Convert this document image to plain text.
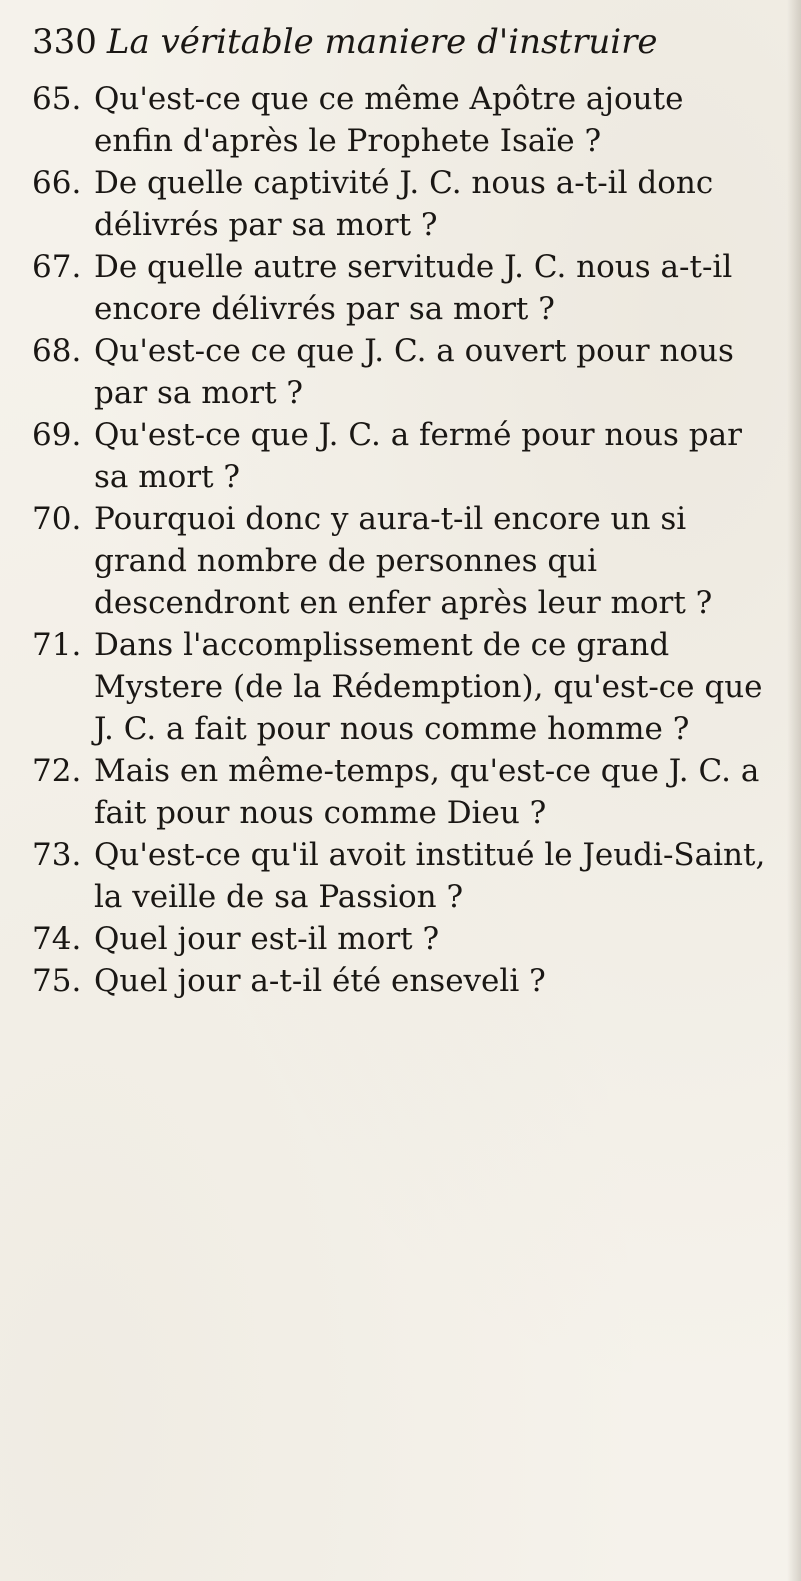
330 La véritable maniere d'instruire
65. Qu'est-ce que ce même Apôtre ajoute enfin d'après le Prophete Isaïe ?
66. De quelle captivité J. C. nous a-t-il donc délivrés par sa mort ?
67. De quelle autre servitude J. C. nous a-t-il encore délivrés par sa mort ?
68. Qu'est-ce ce que J. C. a ouvert pour nous par sa mort ?
69. Qu'est-ce que J. C. a fermé pour nous par sa mort ?
70. Pourquoi donc y aura-t-il encore un si grand nombre de personnes qui descendront en enfer après leur mort ?
71. Dans l'accomplissement de ce grand Mystere (de la Rédemption), qu'est-ce que J. C. a fait pour nous comme homme ?
72. Mais en même-temps, qu'est-ce que J. C. a fait pour nous comme Dieu ?
73. Qu'est-ce qu'il avoit institué le Jeudi-Saint, la veille de sa Passion ?
74. Quel jour est-il mort ?
75. Quel jour a-t-il été enseveli ?
